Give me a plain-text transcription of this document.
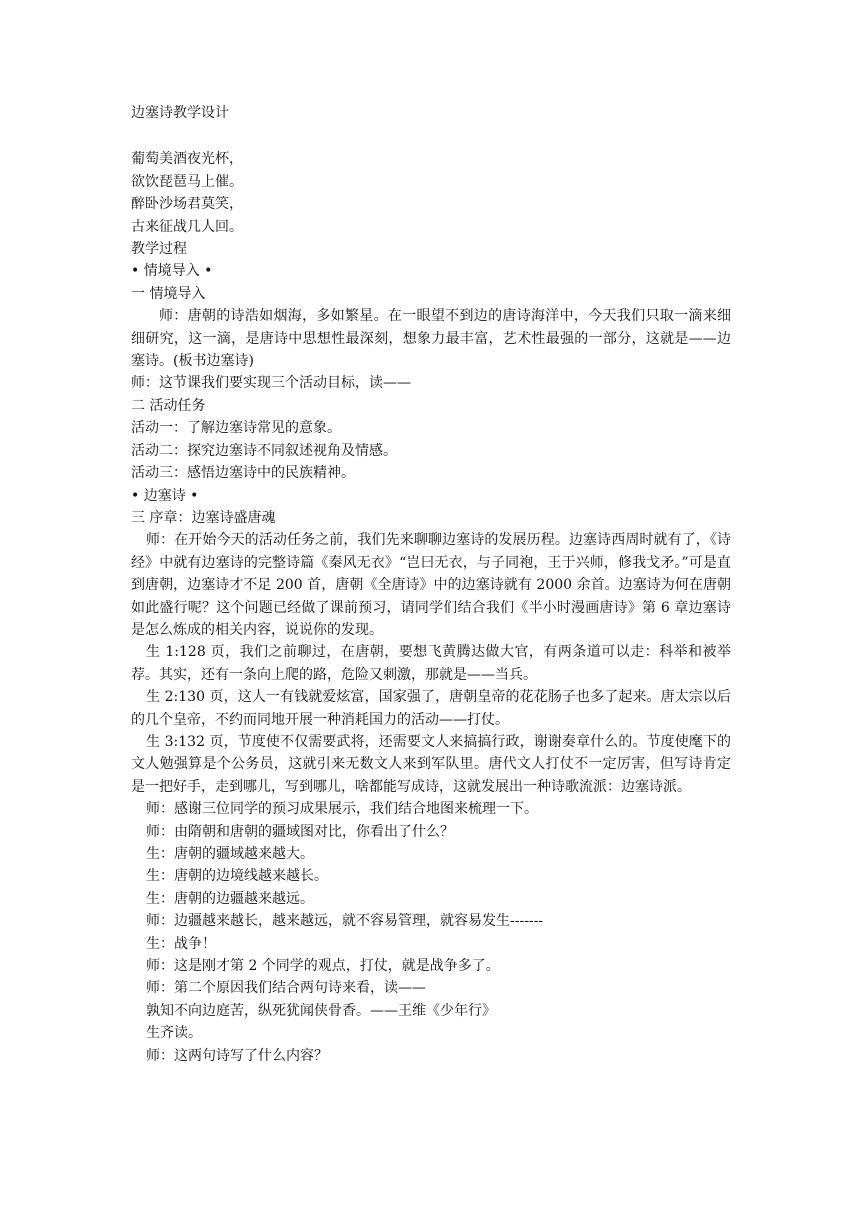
边塞诗教学设计
葡萄美酒夜光杯，
欲饮琵琶马上催。
醉卧沙场君莫笑，
古来征战几人回。
教学过程
• 情境导入 •
一 情境导入
师：唐朝的诗浩如烟海，多如繁星。在一眼望不到边的唐诗海洋中，今天我们只取一滴来细细研究，这一滴，是唐诗中思想性最深刻，想象力最丰富，艺术性最强的一部分，这就是——边塞诗。(板书边塞诗)
师：这节课我们要实现三个活动目标，读——
二 活动任务
活动一：了解边塞诗常见的意象。
活动二：探究边塞诗不同叙述视角及情感。
活动三：感悟边塞诗中的民族精神。
• 边塞诗 •
三 序章：边塞诗盛唐魂
师：在开始今天的活动任务之前，我们先来聊聊边塞诗的发展历程。边塞诗西周时就有了，《诗经》中就有边塞诗的完整诗篇《秦风无衣》“岂曰无衣，与子同袍，王于兴师，修我戈矛。”可是直到唐朝，边塞诗才不足 200 首，唐朝《全唐诗》中的边塞诗就有 2000 余首。边塞诗为何在唐朝如此盛行呢？这个问题已经做了课前预习，请同学们结合我们《半小时漫画唐诗》第 6 章边塞诗是怎么炼成的相关内容，说说你的发现。
生 1:128 页，我们之前聊过，在唐朝，要想飞黄腾达做大官，有两条道可以走：科举和被举荐。其实，还有一条向上爬的路，危险又刺激，那就是——当兵。
生 2:130 页，这人一有钱就爱炫富，国家强了，唐朝皇帝的花花肠子也多了起来。唐太宗以后的几个皇帝，不约而同地开展一种消耗国力的活动——打仗。
生 3:132 页，节度使不仅需要武将，还需要文人来搞搞行政，谢谢奏章什么的。节度使麾下的文人勉强算是个公务员，这就引来无数文人来到军队里。唐代文人打仗不一定厉害，但写诗肯定是一把好手，走到哪儿，写到哪儿，啥都能写成诗，这就发展出一种诗歌流派：边塞诗派。
师：感谢三位同学的预习成果展示，我们结合地图来梳理一下。
师：由隋朝和唐朝的疆域图对比，你看出了什么？
生：唐朝的疆域越来越大。
生：唐朝的边境线越来越长。
生：唐朝的边疆越来越远。
师：边疆越来越长，越来越远，就不容易管理，就容易发生-------
生：战争！
师：这是刚才第 2 个同学的观点，打仗，就是战争多了。
师：第二个原因我们结合两句诗来看，读——
孰知不向边庭苦，纵死犹闻侠骨香。——王维《少年行》
生齐读。
师：这两句诗写了什么内容？
